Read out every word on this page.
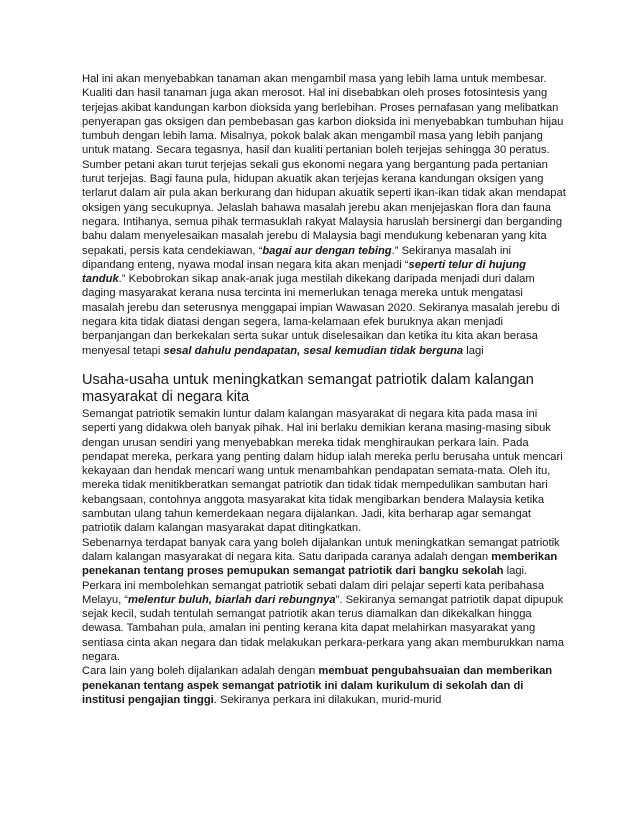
Hal ini akan menyebabkan tanaman akan mengambil masa yang lebih lama untuk membesar. Kualiti dan hasil tanaman juga akan merosot. Hal ini disebabkan oleh proses fotosintesis yang terjejas akibat kandungan karbon dioksida yang berlebihan. Proses pernafasan yang melibatkan penyerapan gas oksigen dan pembebasan gas karbon dioksida ini menyebabkan tumbuhan hijau tumbuh dengan lebih lama. Misalnya, pokok balak akan mengambil masa yang lebih panjang untuk matang. Secara tegasnya, hasil dan kualiti pertanian boleh terjejas sehingga 30 peratus. Sumber petani akan turut terjejas sekali gus ekonomi negara yang bergantung pada pertanian turut terjejas. Bagi fauna pula, hidupan akuatik akan terjejas kerana kandungan oksigen yang terlarut dalam air pula akan berkurang dan hidupan akuatik seperti ikan-ikan tidak akan mendapat oksigen yang secukupnya. Jelaslah bahawa masalah jerebu akan menjejaskan flora dan fauna negara. Intihanya, semua pihak termasuklah rakyat Malaysia haruslah bersinergi dan berganding bahu dalam menyelesaikan masalah jerebu di Malaysia bagi mendukung kebenaran yang kita sepakati, persis kata cendekiawan, “bagai aur dengan tebing.” Sekiranya masalah ini dipandang enteng, nyawa modal insan negara kita akan menjadi “seperti telur di hujung tanduk.” Kebobrokan sikap anak-anak juga mestilah dikekang daripada menjadi duri dalam daging masyarakat kerana nusa tercinta ini memerlukan tenaga mereka untuk mengatasi masalah jerebu dan seterusnya menggapai impian Wawasan 2020. Sekiranya masalah jerebu di negara kita tidak diatasi dengan segera, lama-kelamaan efek buruknya akan menjadi berpanjangan dan berkekalan serta sukar untuk diselesaikan dan ketika itu kita akan berasa menyesal tetapi sesal dahulu pendapatan, sesal kemudian tidak berguna lagi

Usaha-usaha untuk meningkatkan semangat patriotik dalam kalangan masyarakat di negara kita

Semangat patriotik semakin luntur dalam kalangan masyarakat di negara kita pada masa ini seperti yang didakwa oleh banyak pihak. Hal ini berlaku demikian kerana masing-masing sibuk dengan urusan sendiri yang menyebabkan mereka tidak menghiraukan perkara lain. Pada pendapat mereka, perkara yang penting dalam hidup ialah mereka perlu berusaha untuk mencari kekayaan dan hendak mencari wang untuk menambahkan pendapatan semata-mata. Oleh itu, mereka tidak menitikberatkan semangat patriotik dan tidak tidak mempedulikan sambutan hari kebangsaan, contohnya anggota masyarakat kita tidak mengibarkan bendera Malaysia ketika sambutan ulang tahun kemerdekaan negara dijalankan. Jadi, kita berharap agar semangat patriotik dalam kalangan masyarakat dapat ditingkatkan.

Sebenarnya terdapat banyak cara yang boleh dijalankan untuk meningkatkan semangat patriotik dalam kalangan masyarakat di negara kita. Satu daripada caranya adalah dengan memberikan penekanan tentang proses pemupukan semangat patriotik dari bangku sekolah lagi. Perkara ini membolehkan semangat patriotik sebati dalam diri pelajar seperti kata peribahasa Melayu, “melentur buluh, biarlah dari rebungnya”. Sekiranya semangat patriotik dapat dipupuk sejak kecil, sudah tentulah semangat patriotik akan terus diamalkan dan dikekalkan hingga dewasa. Tambahan pula, amalan ini penting kerana kita dapat melahirkan masyarakat yang sentiasa cinta akan negara dan tidak melakukan perkara-perkara yang akan memburukkan nama negara.

Cara lain yang boleh dijalankan adalah dengan membuat pengubahsuaian dan memberikan penekanan tentang aspek semangat patriotik ini dalam kurikulum di sekolah dan di institusi pengajian tinggi. Sekiranya perkara ini dilakukan, murid-murid
